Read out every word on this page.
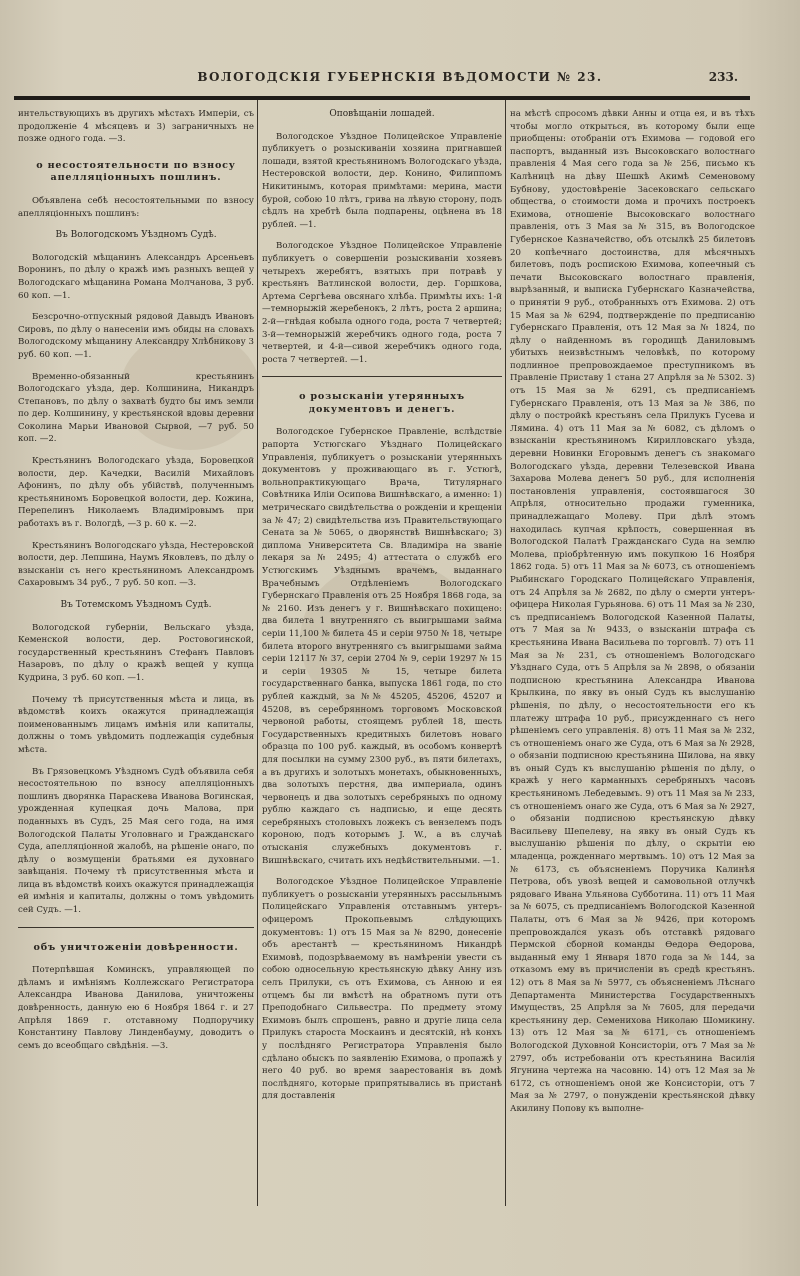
ВОЛОГОДСКІЯ ГУБЕРНСКІЯ ВѢДОМОСТИ № 23.	233.

интельствующихъ въ другихъ мѣстахъ Имперіи, съ продолженіе 4 мѣсяцевъ и 3) заграничныхъ не позже одного года. —3.

о несостоятельности по взносу апелляціонныхъ пошлинъ.

Объявлена себѣ несостоятельными по взносу апелляціонныхъ пошлинъ:

Въ Вологодскомъ Уѣздномъ Судѣ.

Вологодскій мѣщанинъ Александръ Арсеньевъ Воронинъ, по дѣлу о кражѣ имъ разныхъ вещей у Вологодскаго мѣщанина Романа Молчанова, 3 руб. 60 коп. —1.

Безсрочно-отпускный рядовой Давыдъ Ивановъ Сировъ, по дѣлу о нанесеніи имъ обиды на словахъ Вологодскому мѣщанину Александру Хлѣбникову 3 руб. 60 коп. —1.

Временно-обязанный крестьянинъ Вологодскаго уѣзда, дер. Колшинина, Никандръ Степановъ, по дѣлу о захватѣ будто бы имъ земли по дер. Колшинину, у крестьянской вдовы деревни Соколина Марьи Ивановой Сырвой, —7 руб. 50 коп. —2.

Крестьянинъ Вологодскаго уѣзда, Боровецкой волости, дер. Качедки, Василій Михайловъ Афонинъ, по дѣлу объ убійствѣ, полученнымъ крестьяниномъ Боровецкой волости, дер. Кожина, Перепелинъ Николаемъ Владиміровымъ при работахъ въ г. Вологдѣ, —3 р. 60 к. —2.

Крестьянинъ Вологодскаго уѣзда, Нестеровской волости, дер. Лепшина, Наумъ Яковлевъ, по дѣлу о взысканіи съ него крестьяниномъ Александромъ Сахаровымъ 34 руб., 7 руб. 50 коп. —3.

Въ Тотемскомъ Уѣздномъ Судѣ.

Вологодской губерніи, Вельскаго уѣзда, Кеменской волости, дер. Ростовогинской, государственный крестьянинъ Стефанъ Павловъ Назаровъ, по дѣлу о кражѣ вещей у купца Кудрина, 3 руб. 60 коп. —1.

Почему тѣ присутственныя мѣста и лица, въ вѣдомствѣ коихъ окажутся принадлежащія поименованнымъ лицамъ имѣнія или капиталы, должны о томъ увѣдомить подлежащія судебныя мѣста.

Въ Грязовецкомъ Уѣздномъ Судѣ объявила себя несостоятельною по взносу апелляціонныхъ пошлинъ дворянка Параскева Иванова Вогинская, урожденная купецкая дочь Малова, при поданныхъ въ Судъ, 25 Мая сего года, на имя Вологодской Палаты Уголовнаго и Гражданскаго Суда, апелляціонной жалобѣ, на рѣшеніе онаго, по дѣлу о возмущеніи братьями ея духовнаго завѣщанія. Почему тѣ присутственныя мѣста и лица въ вѣдомствѣ коихъ окажутся принадлежащія ей имѣнія и капиталы, должны о томъ увѣдомить сей Судъ. —1.

объ уничтоженіи довѣренности.

Потерпѣвшая Коминскъ, управляющей по дѣламъ и имѣніямъ Коллежскаго Регистратора Александра Иванова Данилова, уничтожены довѣренность, данную ею 6 Ноября 1864 г. и 27 Апрѣля 1869 г. отставному Подпоручику Константину Павлову Линденбауму, доводитъ о семъ до всеобщаго свѣдѣнія. —3.

Оповѣщаніи лошадей.

Вологодское Уѣздное Полицейское Управленіе публикуетъ о розыскиваніи хозяина пригнавшей лошади, взятой крестьяниномъ Вологодскаго уѣзда, Нестеровской волости, дер. Конино, Филиппомъ Никитинымъ, которая примѣтами: мерина, масти бурой, собою 10 лѣтъ, грива на лѣвую сторону, подъ сѣдлъ на хребтѣ была подпарены, оцѣнена въ 18 рублей. —1.

Вологодское Уѣздное Полицейское Управленіе публикуетъ о совершеніи розыскиваніи хозяевъ четырехъ жеребятъ, взятыхъ при потравѣ у крестьянъ Ватлинской волости, дер. Горшкова, Артема Сергѣева овсянаго хлѣба. Примѣты ихъ: 1-й—темнорыжій жеребенокъ, 2 лѣтъ, роста 2 аршина; 2-й—гнѣдая кобыла одного года, роста 7 четвертей; 3-й—темнорыжій жеребчикъ одного года, роста 7 четвертей, и 4-й—сивой жеребчикъ одного года, роста 7 четвертей. —1.

о розысканіи утерянныхъ документовъ и денегъ.

Вологодское Губернское Правленіе, вслѣдствіе рапорта Устюгскаго Уѣзднаго Полицейскаго Управленія, публикуетъ о розысканіи утерянныхъ документовъ у проживающаго въ г. Устюгѣ, вольнопрактикующаго Врача, Титулярнаго Совѣтника Иліи Осипова Вишнѣвскаго, а именно: 1) метрическаго свидѣтельства о рожденіи и крещеніи за № 47; 2) свидѣтельства изъ Правительствующаго Сената за № 5065, о дворянствѣ Вишнѣвскаго; 3) диплома Университета Св. Владиміра на званіе лекаря за № 2495; 4) аттестата о службѣ его Устюгскимъ Уѣзднымъ врачемъ, выданнаго Врачебнымъ Отдѣленіемъ Вологодскаго Губернскаго Правленія отъ 25 Ноября 1868 года, за № 2160. Изъ денегъ у г. Вишнѣвскаго похищено: два билета 1 внутренняго съ выигрышами займа серіи 11,100 № билета 45 и серіи 9750 № 18, четыре билета второго внутренняго съ выигрышами займа серіи 12117 № 37, серіи 2704 № 9, серіи 19297 № 15 и серіи 19305 № 15, четыре билета государственнаго банка, выпуска 1861 года, по сто рублей каждый, за №№ 45205, 45206, 45207 и 45208, въ серебрянномъ торговомъ Московской червоной работы, стоящемъ рублей 18, шесть Государственныхъ кредитныхъ билетовъ новаго образца по 100 руб. каждый, въ особомъ конвертѣ для посылки на сумму 2300 руб., въ пяти билетахъ, а въ другихъ и золотыхъ монетахъ, обыкновенныхъ, два золотыхъ перстня, два империала, одинъ червонецъ и два золотыхъ серебряныхъ по одному рублю каждаго съ надписью, и еще десять серебряныхъ столовыхъ ложекъ съ вензелемъ подъ короною, подъ которымъ J. W., а въ случаѣ отысканія служебныхъ документовъ г. Вишнѣвскаго, считать ихъ недѣйствительными. —1.

Вологодское Уѣздное Полицейское Управленіе публикуетъ о розысканіи утерянныхъ рассыльнымъ Полицейскаго Управленія отставнымъ унтеръ-офицеромъ Прокопьевымъ слѣдующихъ документовъ: 1) отъ 15 Мая за № 8290, донесеніе объ арестантѣ — крестьяниномъ Никандрѣ Ехимовѣ, подозрѣваемому въ намѣреніи увести съ собою односельную крестьянскую дѣвку Анну изъ селъ Прилуки, съ отъ Ехимова, съ Анною и ея отцемъ бы ли вмѣстѣ на обратномъ пути отъ Преподобнаго Сильвестра. По предмету этому Ехимовъ былъ спрошенъ, равно и другіе лица села Прилукъ староста Москаинъ и десятскій, нѣ конхъ у послѣдняго Регистратора Управленія было сдѣлано обыскъ по заявленію Ехимова, о пропажѣ у него 40 руб. во время заарестованія въ домѣ послѣдняго, которые припрятывались въ пристанѣ для доставленія

на мѣстѣ спросомъ дѣвки Анны и отца ея, и въ тѣхъ чтобы могло открыться, въ которому были еще приобщены: отобраніи отъ Ехимова — годовой его паспортъ, выданный изъ Высоковскаго волостнаго правленія 4 Мая сего года за № 256, письмо къ Калѣницѣ на дѣву Шешкѣ Акимѣ Семеновому Бубнову, удостовѣреніе Засековскаго сельскаго общества, о стоимости дома и прочихъ построекъ Ехимова, отношеніе Высоковскаго волостнаго правленія, отъ 3 Мая за № 315, въ Вологодское Губернское Казначейство, объ отсылкѣ 25 билетовъ 20 копѣечнаго достоинства, для мѣсячныхъ билетовъ, подъ роспискою Ехимова, копеечный съ печати Высоковскаго волостнаго правленія, вырѣзанный, и выписка Губернскаго Казначейства, о принятіи 9 руб., отобранныхъ отъ Ехимова. 2) отъ 15 Мая за № 6294, подтвержденіе по предписанію Губернскаго Правленія, отъ 12 Мая за № 1824, по дѣлу о найденномъ въ городищѣ Даниловымъ убитыхъ неизвѣстнымъ человѣкѣ, по которому подлинное препровождаемое преступникомъ въ Правленіе Приставу 1 стана 27 Апрѣля за № 5302. 3) отъ 15 Мая за № 6291, съ предписаніемъ Губернскаго Правленія, отъ 13 Мая за № 386, по дѣлу о постройкѣ крестьянъ села Прилукъ Гусева и Лямина. 4) отъ 11 Мая за № 6082, съ дѣломъ о взысканіи крестьяниномъ Кирилловскаго уѣзда, деревни Новинки Егоровымъ денегъ съ знакомаго Вологодскаго уѣзда, деревни Телезевской Ивана Захарова Молева денегъ 50 руб., для исполненія постановленія управленія, состоявшагося 30 Апрѣля, относительно продажи гуменника, принадлежащаго Молеву. При дѣлѣ этомъ находилась купчая крѣпость, совершенная въ Вологодской Палатѣ Гражданскаго Суда на землю Молева, пріобрѣтенную имъ покупкою 16 Ноября 1862 года. 5) отъ 11 Мая за № 6073, съ отношеніемъ Рыбинскаго Городскаго Полицейскаго Управленія, отъ 24 Апрѣля за № 2682, по дѣлу о смерти унтеръ-офицера Николая Гурьянова. 6) отъ 11 Мая за № 230, съ предписаніемъ Вологодской Казенной Палаты, отъ 7 Мая за № 9433, о взысканіи штрафа съ крестьянина Ивана Васильева по торговлѣ. 7) отъ 11 Мая за № 231, съ отношеніемъ Вологодскаго Уѣзднаго Суда, отъ 5 Апрѣля за № 2898, о обязаніи подписною крестьянина Александра Иванова Крылкина, по явку въ оный Судъ къ выслушанію рѣшенія, по дѣлу, о несостоятельности его къ платежу штрафа 10 руб., присужденнаго съ него рѣшеніемъ сего управленія. 8) отъ 11 Мая за № 232, съ отношеніемъ онаго же Суда, отъ 6 Мая за № 2928, о обязаніи подписною крестьянина Шилова, на явку въ оный Судъ къ выслушанію рѣшенія по дѣлу, о кражѣ у него карманныхъ серебряныхъ часовъ крестьяниномъ Лебедевымъ. 9) отъ 11 Мая за № 233, съ отношеніемъ онаго же Суда, отъ 6 Мая за № 2927, о обязаніи подписною крестьянскую дѣвку Васильеву Шепелеву, на явку въ оный Судъ къ выслушанію рѣшенія по дѣлу, о скрытіи ею младенца, рожденнаго мертвымъ. 10) отъ 12 Мая за № 6173, съ объясненіемъ Поручика Калинѣя Петрова, объ увозѣ вещей и самовольной отлучкѣ рядоваго Ивана Ульянова Субботина. 11) отъ 11 Мая за № 6075, съ предписаніемъ Вологодской Казенной Палаты, отъ 6 Мая за № 9426, при которомъ препровождался указъ объ отставкѣ рядоваго Пермской сборной команды Ѳедора Ѳедорова, выданный ему 1 Января 1870 года за № 144, за отказомъ ему въ причисленіи въ средѣ крестьянъ. 12) отъ 8 Мая за № 5977, съ объясненіемъ Лѣснаго Департамента Министерства Государственныхъ Имуществъ, 25 Апрѣля за № 7605, для передачи крестьянину дер. Семенихова Николаю Шомикину. 13) отъ 12 Мая за № 6171, съ отношеніемъ Вологодской Духовной Консисторіи, отъ 7 Мая за № 2797, объ истребованіи отъ крестьянина Василія Ягунина чертежа на часовню. 14) отъ 12 Мая за № 6172, съ отношеніемъ оной же Консисторіи, отъ 7 Мая за № 2797, о понужденіи крестьянской дѣвку Акилину Попову къ выполне-
